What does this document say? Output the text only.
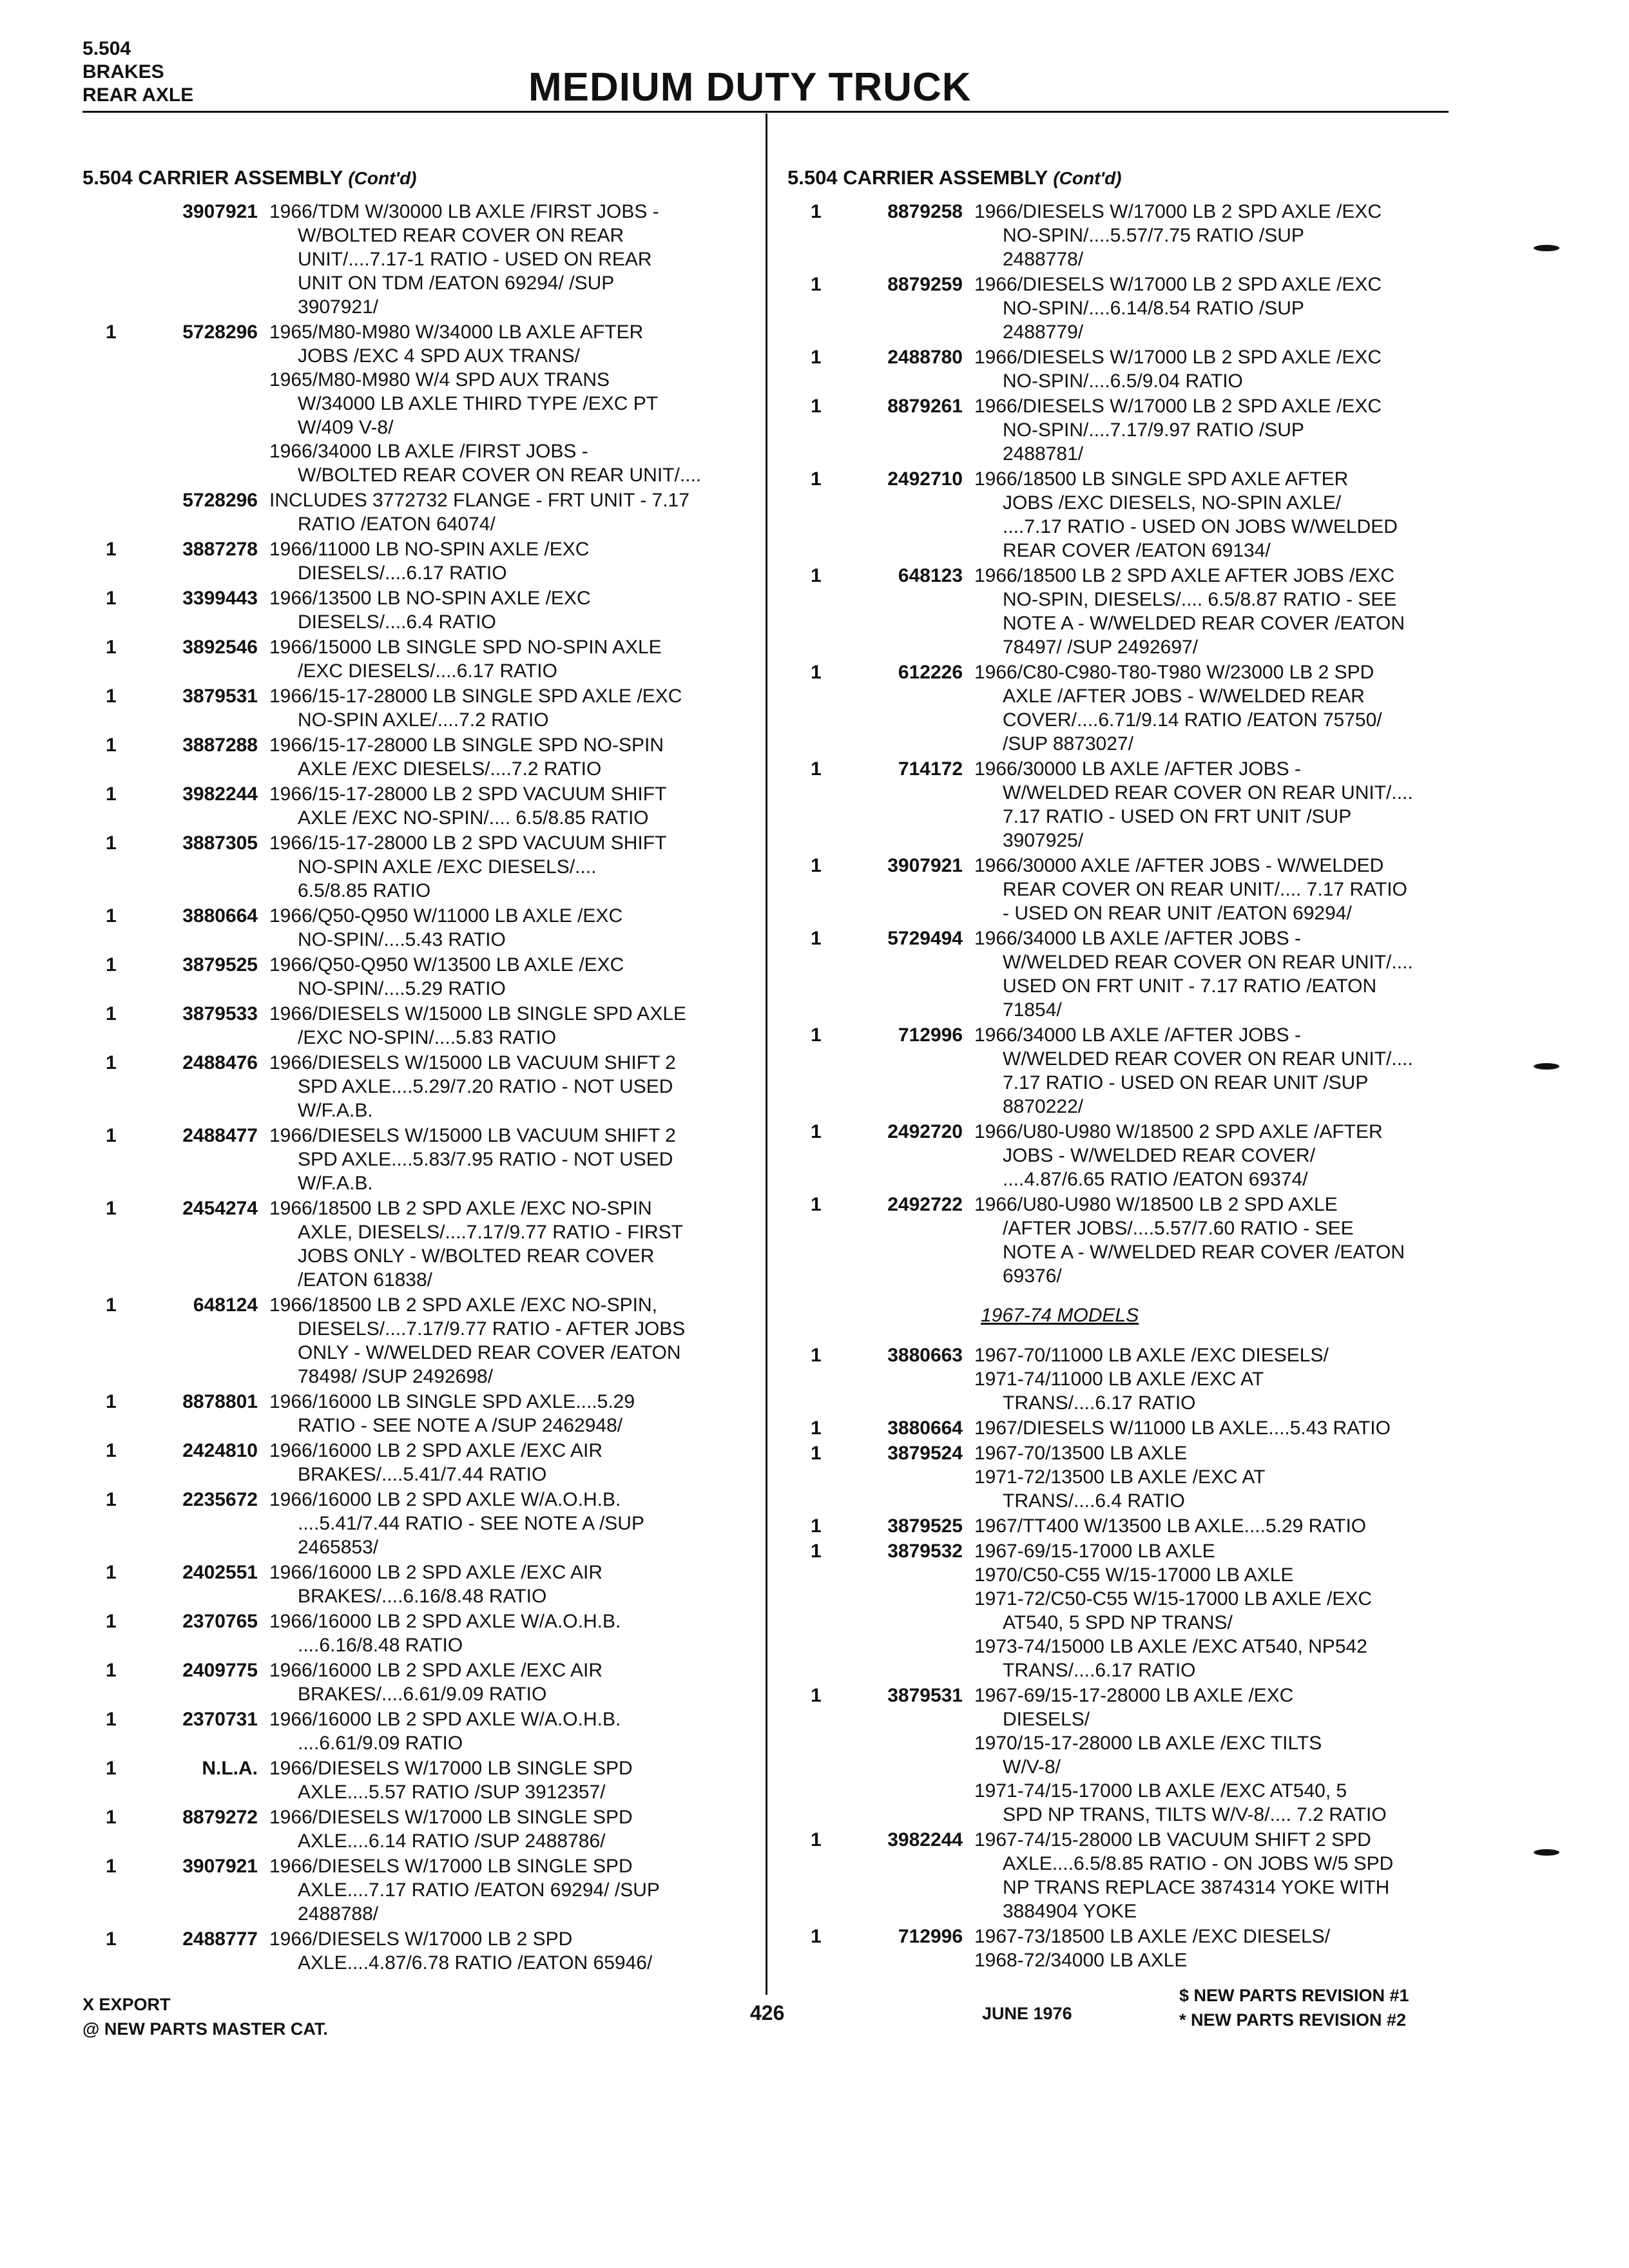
5.504
BRAKES
REAR AXLE	MEDIUM DUTY TRUCK
5.504 CARRIER ASSEMBLY (Cont'd)
3907921 1966/TDM W/30000 LB AXLE /FIRST JOBS -
W/BOLTED REAR COVER ON REAR
UNIT/....7.17-1 RATIO - USED ON REAR
UNIT ON TDM /EATON 69294/ /SUP
3907921/
1	5728296 1965/M80-M980 W/34000 LB AXLE AFTER
JOBS /EXC 4 SPD AUX TRANS/
1965/M80-M980 W/4 SPD AUX TRANS
W/34000 LB AXLE THIRD TYPE /EXC PT
W/409 V-8/
1966/34000 LB AXLE /FIRST JOBS -
W/BOLTED REAR COVER ON REAR UNIT/....
5728296 INCLUDES 3772732 FLANGE - FRT UNIT - 7.17
RATIO /EATON 64074/
1	3887278 1966/11000 LB NO-SPIN AXLE /EXC
DIESELS/....6.17 RATIO
1	3399443 1966/13500 LB NO-SPIN AXLE /EXC
DIESELS/....6.4 RATIO
1	3892546 1966/15000 LB SINGLE SPD NO-SPIN AXLE
/EXC DIESELS/....6.17 RATIO
1	3879531 1966/15-17-28000 LB SINGLE SPD AXLE /EXC
NO-SPIN AXLE/....7.2 RATIO
1	3887288 1966/15-17-28000 LB SINGLE SPD NO-SPIN
AXLE /EXC DIESELS/....7.2 RATIO
1	3982244 1966/15-17-28000 LB 2 SPD VACUUM SHIFT
AXLE /EXC NO-SPIN/.... 6.5/8.85 RATIO
1	3887305 1966/15-17-28000 LB 2 SPD VACUUM SHIFT
NO-SPIN AXLE /EXC DIESELS/....
6.5/8.85 RATIO
1	3880664 1966/Q50-Q950 W/11000 LB AXLE /EXC
NO-SPIN/....5.43 RATIO
1	3879525 1966/Q50-Q950 W/13500 LB AXLE /EXC
NO-SPIN/....5.29 RATIO
1	3879533 1966/DIESELS W/15000 LB SINGLE SPD AXLE
/EXC NO-SPIN/....5.83 RATIO
1	2488476 1966/DIESELS W/15000 LB VACUUM SHIFT 2
SPD AXLE....5.29/7.20 RATIO - NOT USED
W/F.A.B.
1	2488477 1966/DIESELS W/15000 LB VACUUM SHIFT 2
SPD AXLE....5.83/7.95 RATIO - NOT USED
W/F.A.B.
1	2454274 1966/18500 LB 2 SPD AXLE /EXC NO-SPIN
AXLE, DIESELS/....7.17/9.77 RATIO - FIRST
JOBS ONLY - W/BOLTED REAR COVER
/EATON 61838/
1	648124 1966/18500 LB 2 SPD AXLE /EXC NO-SPIN,
DIESELS/....7.17/9.77 RATIO - AFTER JOBS
ONLY - W/WELDED REAR COVER /EATON
78498/ /SUP 2492698/
1	8878801 1966/16000 LB SINGLE SPD AXLE....5.29
RATIO - SEE NOTE A /SUP 2462948/
1	2424810 1966/16000 LB 2 SPD AXLE /EXC AIR
BRAKES/....5.41/7.44 RATIO
1	2235672 1966/16000 LB 2 SPD AXLE W/A.O.H.B.
....5.41/7.44 RATIO - SEE NOTE A /SUP
2465853/
1	2402551 1966/16000 LB 2 SPD AXLE /EXC AIR
BRAKES/....6.16/8.48 RATIO
1	2370765 1966/16000 LB 2 SPD AXLE W/A.O.H.B.
....6.16/8.48 RATIO
1	2409775 1966/16000 LB 2 SPD AXLE /EXC AIR
BRAKES/....6.61/9.09 RATIO
1	2370731 1966/16000 LB 2 SPD AXLE W/A.O.H.B.
....6.61/9.09 RATIO
1	N.L.A. 1966/DIESELS W/17000 LB SINGLE SPD
AXLE....5.57 RATIO /SUP 3912357/
1	8879272 1966/DIESELS W/17000 LB SINGLE SPD
AXLE....6.14 RATIO /SUP 2488786/
1	3907921 1966/DIESELS W/17000 LB SINGLE SPD
AXLE....7.17 RATIO /EATON 69294/ /SUP
2488788/
1	2488777 1966/DIESELS W/17000 LB 2 SPD
AXLE....4.87/6.78 RATIO /EATON 65946/
5.504 CARRIER ASSEMBLY (Cont'd)
1	8879258 1966/DIESELS W/17000 LB 2 SPD AXLE /EXC
NO-SPIN/....5.57/7.75 RATIO /SUP
2488778/
1	8879259 1966/DIESELS W/17000 LB 2 SPD AXLE /EXC
NO-SPIN/....6.14/8.54 RATIO /SUP
2488779/
1	2488780 1966/DIESELS W/17000 LB 2 SPD AXLE /EXC
NO-SPIN/....6.5/9.04 RATIO
1	8879261 1966/DIESELS W/17000 LB 2 SPD AXLE /EXC
NO-SPIN/....7.17/9.97 RATIO /SUP
2488781/
1	2492710 1966/18500 LB SINGLE SPD AXLE AFTER
JOBS /EXC DIESELS, NO-SPIN AXLE/
....7.17 RATIO - USED ON JOBS W/WELDED
REAR COVER /EATON 69134/
1	648123 1966/18500 LB 2 SPD AXLE AFTER JOBS /EXC
NO-SPIN, DIESELS/.... 6.5/8.87 RATIO - SEE
NOTE A - W/WELDED REAR COVER /EATON
78497/ /SUP 2492697/
1	612226 1966/C80-C980-T80-T980 W/23000 LB 2 SPD
AXLE /AFTER JOBS - W/WELDED REAR
COVER/....6.71/9.14 RATIO /EATON 75750/
/SUP 8873027/
1	714172 1966/30000 LB AXLE /AFTER JOBS -
W/WELDED REAR COVER ON REAR UNIT/....
7.17 RATIO - USED ON FRT UNIT /SUP
3907925/
1	3907921 1966/30000 AXLE /AFTER JOBS - W/WELDED
REAR COVER ON REAR UNIT/.... 7.17 RATIO
- USED ON REAR UNIT /EATON 69294/
1	5729494 1966/34000 LB AXLE /AFTER JOBS -
W/WELDED REAR COVER ON REAR UNIT/....
USED ON FRT UNIT - 7.17 RATIO /EATON
71854/
1	712996 1966/34000 LB AXLE /AFTER JOBS -
W/WELDED REAR COVER ON REAR UNIT/....
7.17 RATIO - USED ON REAR UNIT /SUP
8870222/
1	2492720 1966/U80-U980 W/18500 2 SPD AXLE /AFTER
JOBS - W/WELDED REAR COVER/
....4.87/6.65 RATIO /EATON 69374/
1	2492722 1966/U80-U980 W/18500 LB 2 SPD AXLE
/AFTER JOBS/....5.57/7.60 RATIO - SEE
NOTE A - W/WELDED REAR COVER /EATON
69376/
1967-74 MODELS
1	3880663 1967-70/11000 LB AXLE /EXC DIESELS/
1971-74/11000 LB AXLE /EXC AT
TRANS/....6.17 RATIO
1	3880664 1967/DIESELS W/11000 LB AXLE....5.43 RATIO
1	3879524 1967-70/13500 LB AXLE
1971-72/13500 LB AXLE /EXC AT
TRANS/....6.4 RATIO
1	3879525 1967/TT400 W/13500 LB AXLE....5.29 RATIO
1	3879532 1967-69/15-17000 LB AXLE
1970/C50-C55 W/15-17000 LB AXLE
1971-72/C50-C55 W/15-17000 LB AXLE /EXC
AT540, 5 SPD NP TRANS/
1973-74/15000 LB AXLE /EXC AT540, NP542
TRANS/....6.17 RATIO
1	3879531 1967-69/15-17-28000 LB AXLE /EXC
DIESELS/
1970/15-17-28000 LB AXLE /EXC TILTS
W/V-8/
1971-74/15-17000 LB AXLE /EXC AT540, 5
SPD NP TRANS, TILTS W/V-8/.... 7.2 RATIO
1	3982244 1967-74/15-28000 LB VACUUM SHIFT 2 SPD
AXLE....6.5/8.85 RATIO - ON JOBS W/5 SPD
NP TRANS REPLACE 3874314 YOKE WITH
3884904 YOKE
1	712996 1967-73/18500 LB AXLE /EXC DIESELS/
1968-72/34000 LB AXLE
X EXPORT
@ NEW PARTS MASTER CAT.
426	JUNE 1976
$ NEW PARTS REVISION #1
* NEW PARTS REVISION #2
